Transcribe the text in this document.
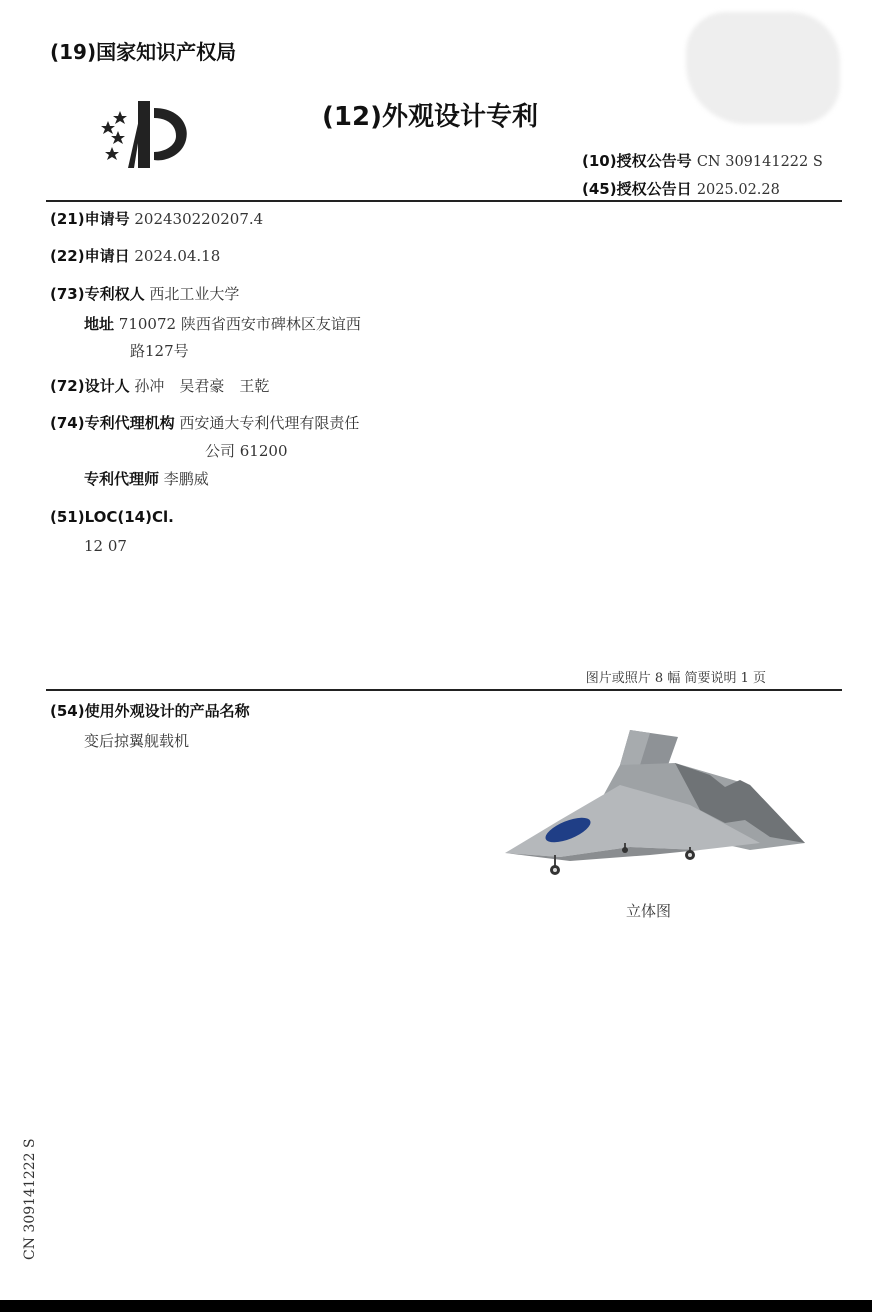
(19)国家知识产权局
(12)外观设计专利
(10)授权公告号 CN 309141222 S
(45)授权公告日 2025.02.28
(21)申请号 202430220207.4
(22)申请日 2024.04.18
(73)专利权人 西北工业大学
地址 710072 陕西省西安市碑林区友谊西
路127号
(72)设计人 孙冲　吴君豪　王乾
(74)专利代理机构 西安通大专利代理有限责任
公司 61200
专利代理师 李鹏威
(51)LOC(14)Cl.
12 07
图片或照片 8 幅 简要说明 1 页
(54)使用外观设计的产品名称
变后掠翼舰载机
立体图
CN 309141222 S
